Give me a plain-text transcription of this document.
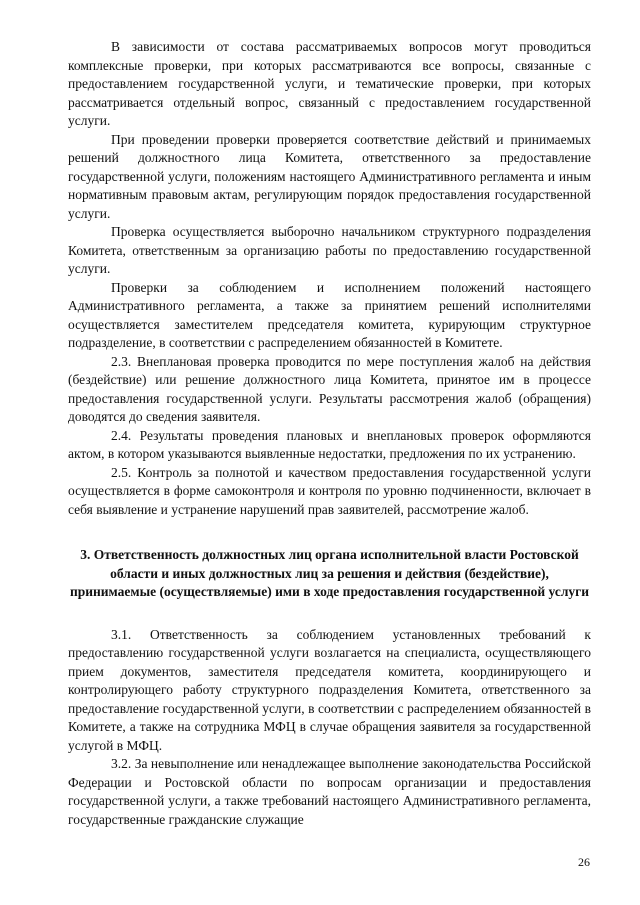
В зависимости от состава рассматриваемых вопросов могут проводиться комплексные проверки, при которых рассматриваются все вопросы, связанные с предоставлением государственной услуги, и тематические проверки, при которых рассматривается отдельный вопрос, связанный с предоставлением государственной услуги.

При проведении проверки проверяется соответствие действий и принимаемых решений должностного лица Комитета, ответственного за предоставление государственной услуги, положениям настоящего Административного регламента и иным нормативным правовым актам, регулирующим порядок предоставления государственной услуги.

Проверка осуществляется выборочно начальником структурного подразделения Комитета, ответственным за организацию работы по предоставлению государственной услуги.

Проверки за соблюдением и исполнением положений настоящего Административного регламента, а также за принятием решений исполнителями осуществляется заместителем председателя комитета, курирующим структурное подразделение, в соответствии с распределением обязанностей в Комитете.

2.3. Внеплановая проверка проводится по мере поступления жалоб на действия (бездействие) или решение должностного лица Комитета, принятое им в процессе предоставления государственной услуги. Результаты рассмотрения жалоб (обращения) доводятся до сведения заявителя.

2.4. Результаты проведения плановых и внеплановых проверок оформляются актом, в котором указываются выявленные недостатки, предложения по их устранению.

2.5. Контроль за полнотой и качеством предоставления государственной услуги осуществляется в форме самоконтроля и контроля по уровню подчиненности, включает в себя выявление и устранение нарушений прав заявителей, рассмотрение жалоб.

3. Ответственность должностных лиц органа исполнительной власти Ростовской области и иных должностных лиц за решения и действия (бездействие), принимаемые (осуществляемые) ими в ходе предоставления государственной услуги

3.1. Ответственность за соблюдением установленных требований к предоставлению государственной услуги возлагается на специалиста, осуществляющего прием документов, заместителя председателя комитета, координирующего и контролирующего работу структурного подразделения Комитета, ответственного за предоставление государственной услуги, в соответствии с распределением обязанностей в Комитете, а также на сотрудника МФЦ в случае обращения заявителя за государственной услугой в МФЦ.

3.2. За невыполнение или ненадлежащее выполнение законодательства Российской Федерации и Ростовской области по вопросам организации и предоставления государственной услуги, а также требований настоящего Административного регламента, государственные гражданские служащие

26
